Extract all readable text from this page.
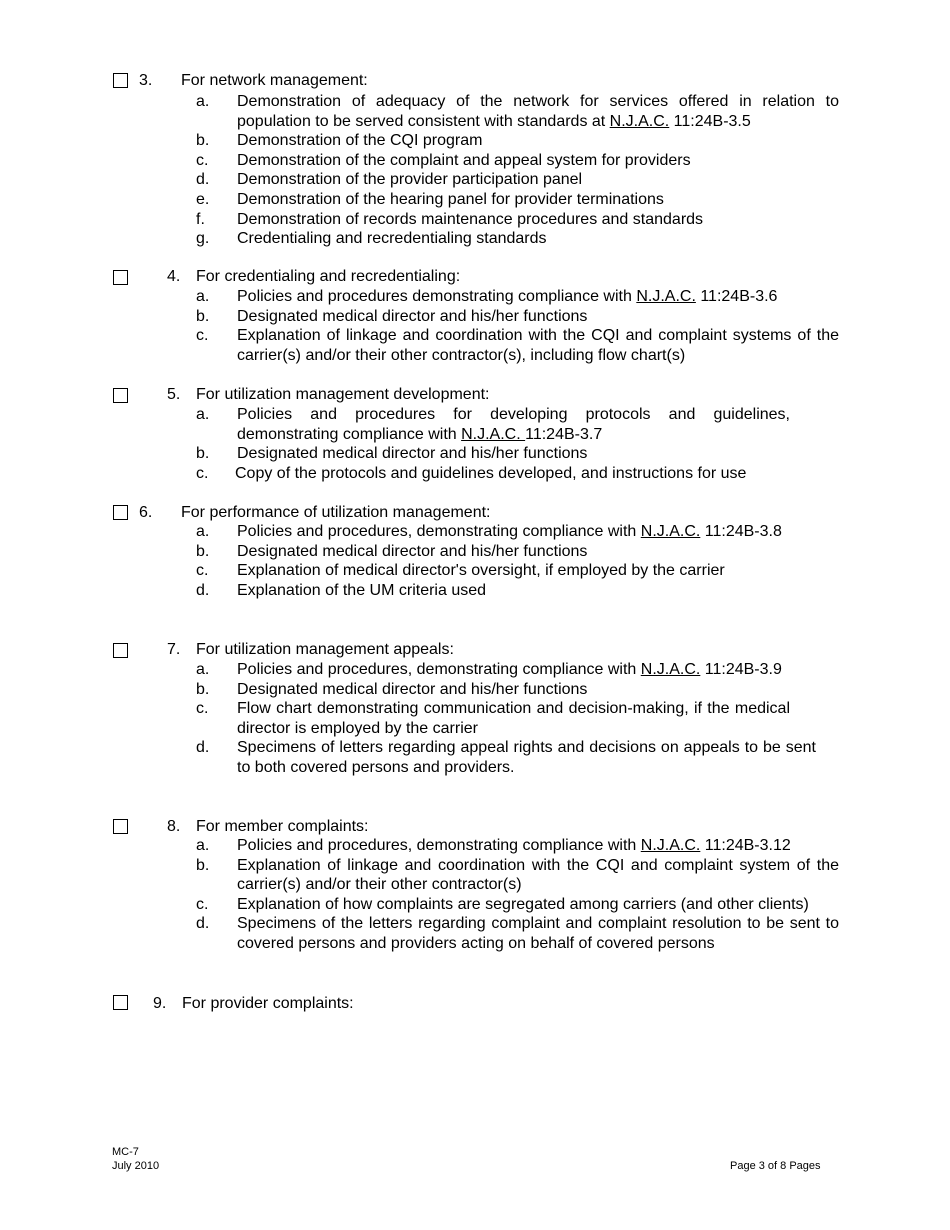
3. For network management:
a.	Demonstration of adequacy of the network for services offered in relation to population to be served consistent with standards at N.J.A.C. 11:24B-3.5
b.	Demonstration of the CQI program
c.	Demonstration of the complaint and appeal system for providers
d.	Demonstration of the provider participation panel
e.	Demonstration of the hearing panel for provider terminations
f.	Demonstration of records maintenance procedures and standards
g.	Credentialing and recredentialing standards
4. For credentialing and recredentialing:
a.	Policies and procedures demonstrating compliance with N.J.A.C. 11:24B-3.6
b.	Designated medical director and his/her functions
c.	Explanation of linkage and coordination with the CQI and complaint systems of the carrier(s) and/or their other contractor(s), including flow chart(s)
5. For utilization management development:
a.	Policies and procedures for developing protocols and guidelines, demonstrating compliance with N.J.A.C. 11:24B-3.7
b.	Designated medical director and his/her functions
c.	Copy of the protocols and guidelines developed, and instructions for use
6. For performance of utilization management:
a.	Policies and procedures, demonstrating compliance with N.J.A.C. 11:24B-3.8
b.	Designated medical director and his/her functions
c.	Explanation of medical director's oversight, if employed by the carrier
d.	Explanation of the UM criteria used
7. For utilization management appeals:
a.	Policies and procedures, demonstrating compliance with N.J.A.C. 11:24B-3.9
b.	Designated medical director and his/her functions
c.	Flow chart demonstrating communication and decision-making, if the medical director is employed by the carrier
d.	Specimens of letters regarding appeal rights and decisions on appeals to be sent to both covered persons and providers.
8. For member complaints:
a.	Policies and procedures, demonstrating compliance with N.J.A.C. 11:24B-3.12
b.	Explanation of linkage and coordination with the CQI and complaint system of the carrier(s) and/or their other contractor(s)
c.	Explanation of how complaints are segregated among carriers (and other clients)
d.	Specimens of the letters regarding complaint and complaint resolution to be sent to covered persons and providers acting on behalf of covered persons
9. For provider complaints:
MC-7
July 2010	Page 3 of 8 Pages
